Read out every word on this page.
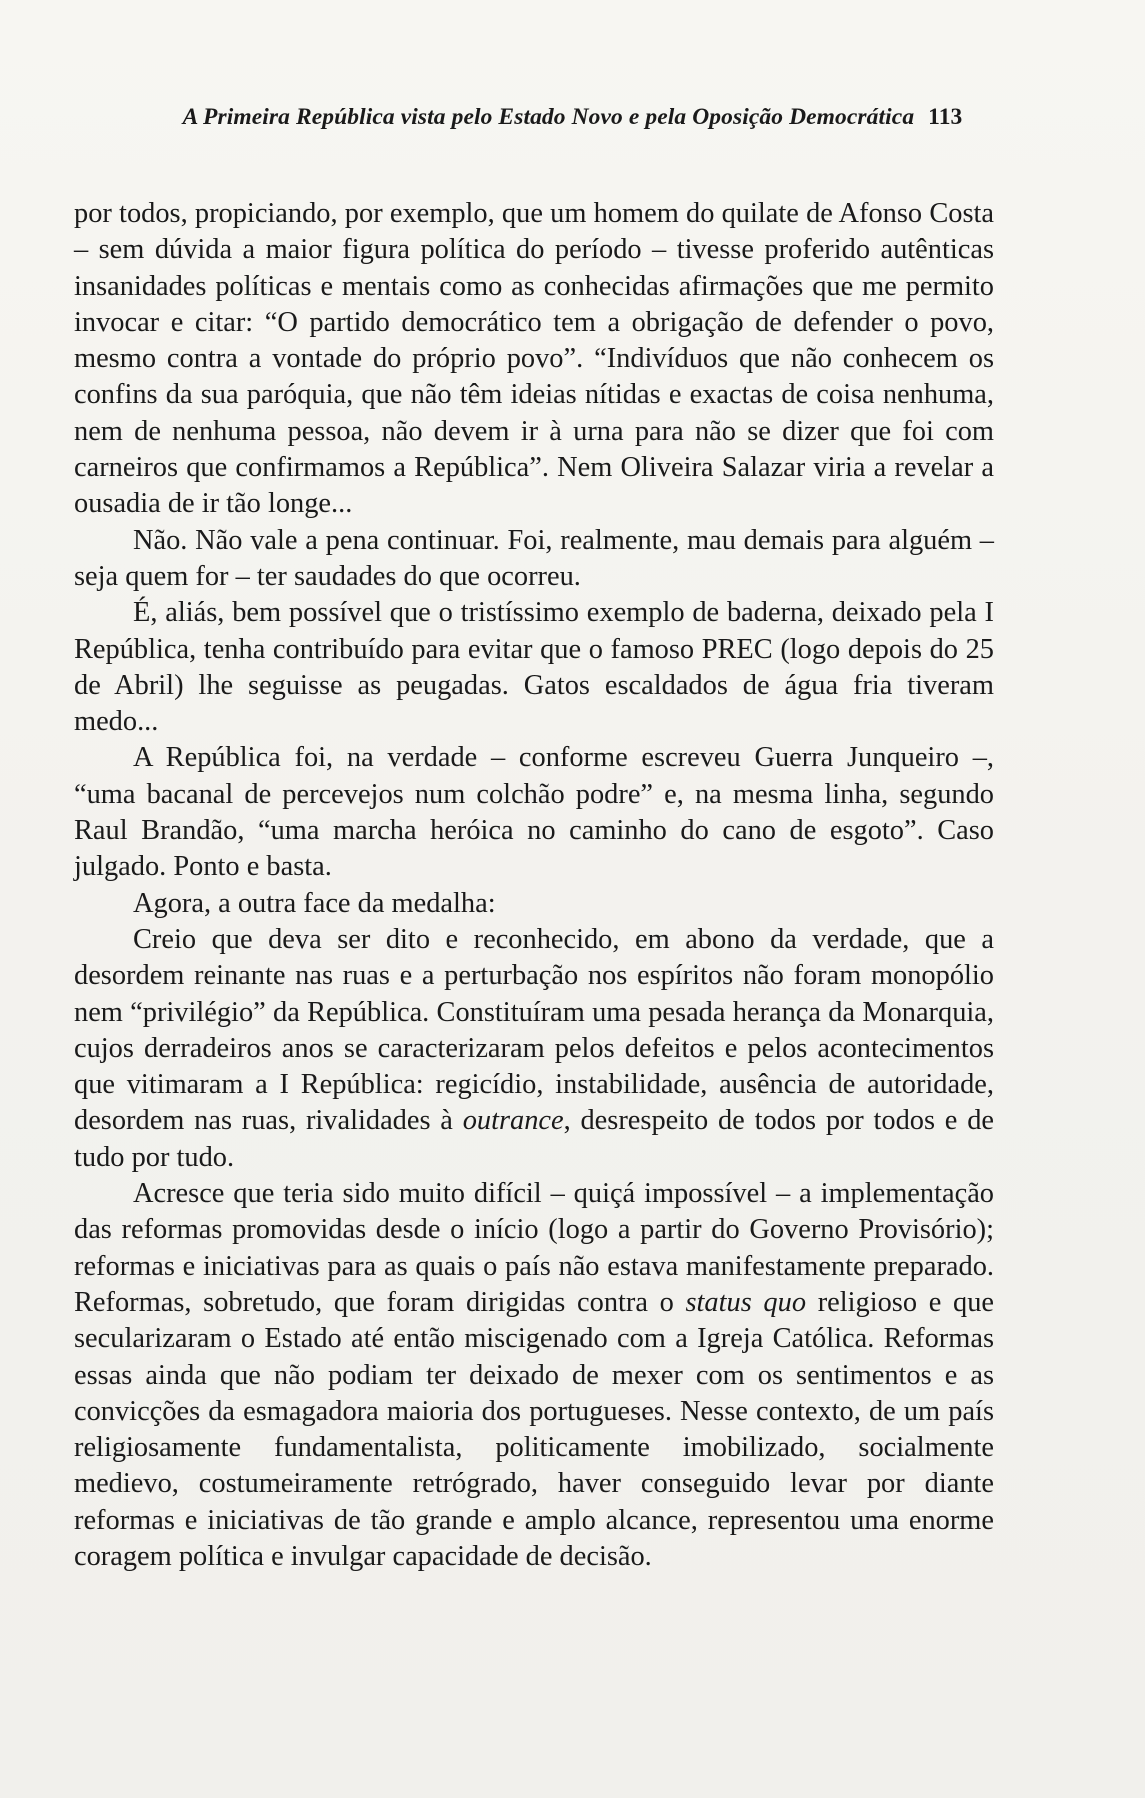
A Primeira República vista pelo Estado Novo e pela Oposição Democrática 113

por todos, propiciando, por exemplo, que um homem do quilate de Afonso Costa – sem dúvida a maior figura política do período – tivesse proferido autênticas insanidades políticas e mentais como as conhecidas afirmações que me permito invocar e citar: “O partido democrático tem a obrigação de defender o povo, mesmo contra a vontade do próprio povo”. “Indivíduos que não conhecem os confins da sua paróquia, que não têm ideias nítidas e exactas de coisa nenhuma, nem de nenhuma pessoa, não devem ir à urna para não se dizer que foi com carneiros que confirmamos a República”. Nem Oliveira Salazar viria a revelar a ousadia de ir tão longe...

Não. Não vale a pena continuar. Foi, realmente, mau demais para alguém – seja quem for – ter saudades do que ocorreu.

É, aliás, bem possível que o tristíssimo exemplo de baderna, deixado pela I República, tenha contribuído para evitar que o famoso PREC (logo depois do 25 de Abril) lhe seguisse as peugadas. Gatos escaldados de água fria tiveram medo...

A República foi, na verdade – conforme escreveu Guerra Junqueiro –, “uma bacanal de percevejos num colchão podre” e, na mesma linha, segundo Raul Brandão, “uma marcha heróica no caminho do cano de esgoto”. Caso julgado. Ponto e basta.

Agora, a outra face da medalha:

Creio que deva ser dito e reconhecido, em abono da verdade, que a desordem reinante nas ruas e a perturbação nos espíritos não foram monopólio nem “privilégio” da República. Constituíram uma pesada herança da Monarquia, cujos derradeiros anos se caracterizaram pelos defeitos e pelos acontecimentos que vitimaram a I República: regicídio, instabilidade, ausência de autoridade, desordem nas ruas, rivalidades à outrance, desrespeito de todos por todos e de tudo por tudo.

Acresce que teria sido muito difícil – quiçá impossível – a implementação das reformas promovidas desde o início (logo a partir do Governo Provisório); reformas e iniciativas para as quais o país não estava manifestamente preparado. Reformas, sobretudo, que foram dirigidas contra o status quo religioso e que secularizaram o Estado até então miscigenado com a Igreja Católica. Reformas essas ainda que não podiam ter deixado de mexer com os sentimentos e as convicções da esmagadora maioria dos portugueses. Nesse contexto, de um país religiosamente fundamentalista, politicamente imobilizado, socialmente medievo, costumeiramente retrógrado, haver conseguido levar por diante reformas e iniciativas de tão grande e amplo alcance, representou uma enorme coragem política e invulgar capacidade de decisão.
